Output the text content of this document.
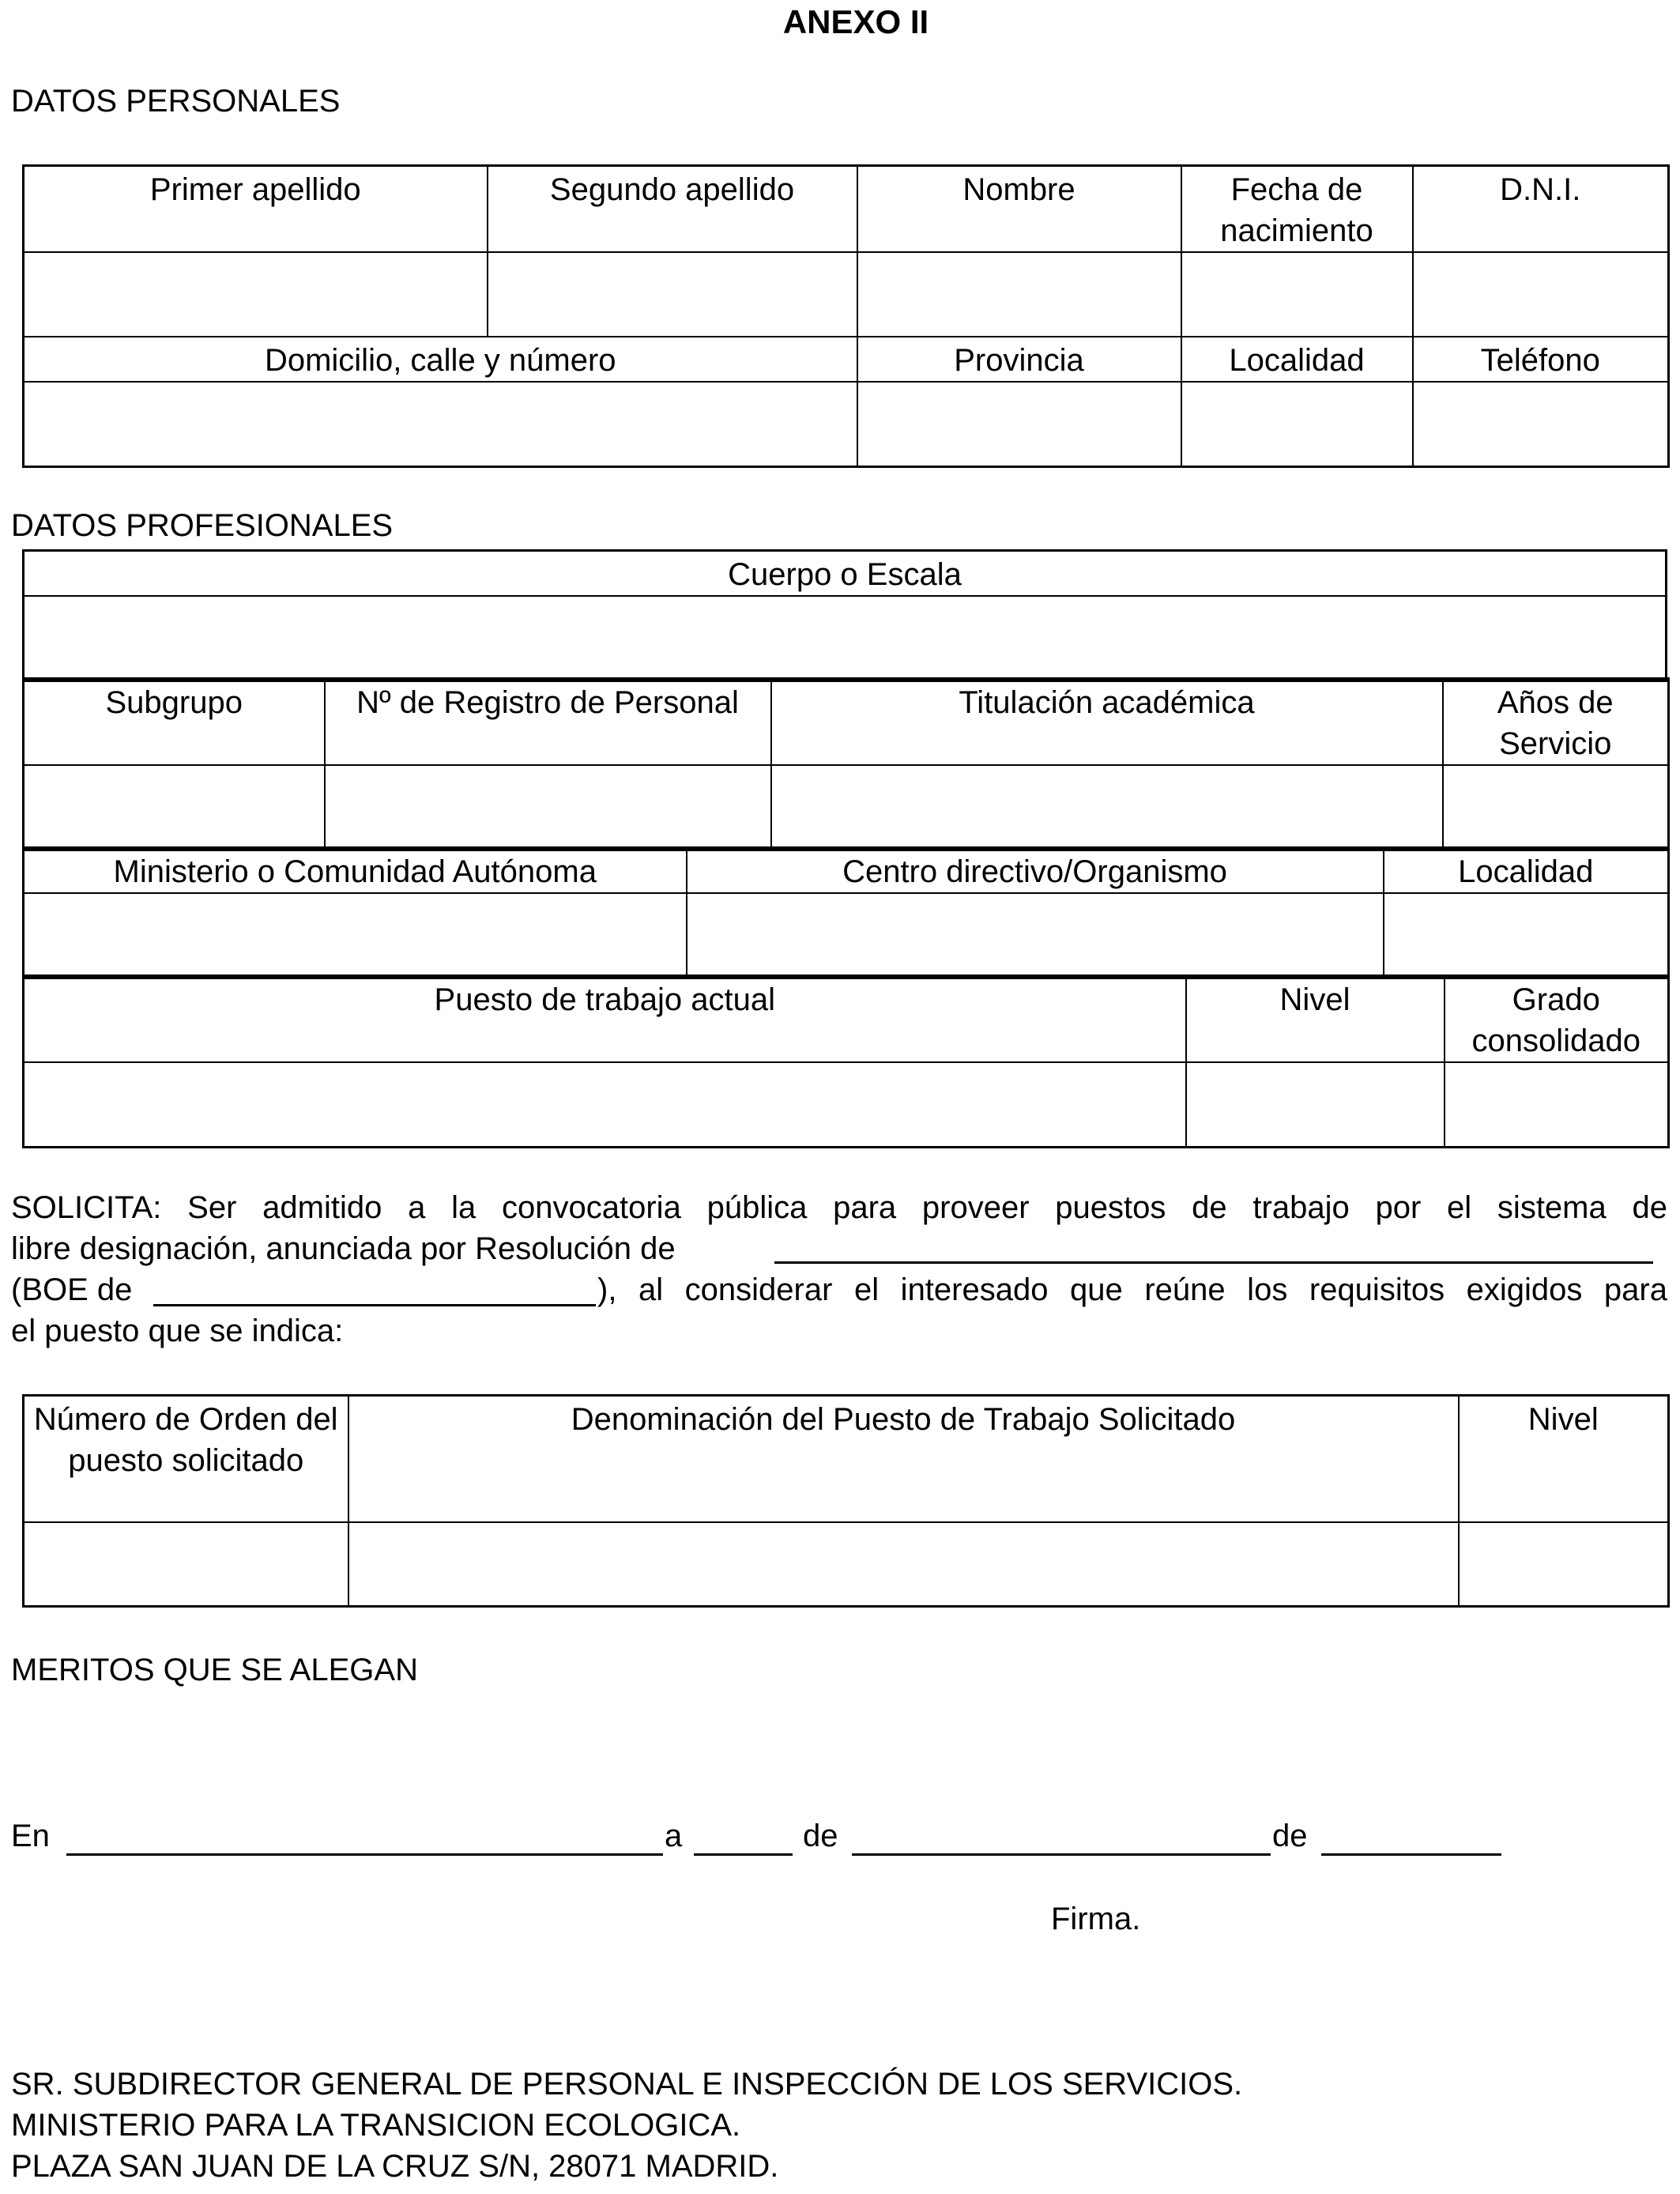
ANEXO II
DATOS PERSONALES
Primer apellido	Segundo apellido	Nombre	Fecha de nacimiento	D.N.I.

Domicilio, calle y número		Provincia	Localidad	Teléfono

DATOS PROFESIONALES
Cuerpo o Escala

Subgrupo	Nº de Registro de Personal	Titulación académica	Años de Servicio

Ministerio o Comunidad Autónoma	Centro directivo/Organismo	Localidad

Puesto de trabajo actual	Nivel	Grado consolidado

SOLICITA: Ser admitido a la convocatoria pública para proveer puestos de trabajo por el sistema de
libre designación, anunciada por Resolución de
(BOE de	), al considerar el interesado que reúne los requisitos exigidos para
el puesto que se indica:
Número de Orden del puesto solicitado	Denominación del Puesto de Trabajo Solicitado	Nivel

MERITOS QUE SE ALEGAN
En	a	de	de
Firma.
SR. SUBDIRECTOR GENERAL DE PERSONAL E INSPECCIÓN DE LOS SERVICIOS.
MINISTERIO PARA LA TRANSICION ECOLOGICA.
PLAZA SAN JUAN DE LA CRUZ S/N, 28071 MADRID.
